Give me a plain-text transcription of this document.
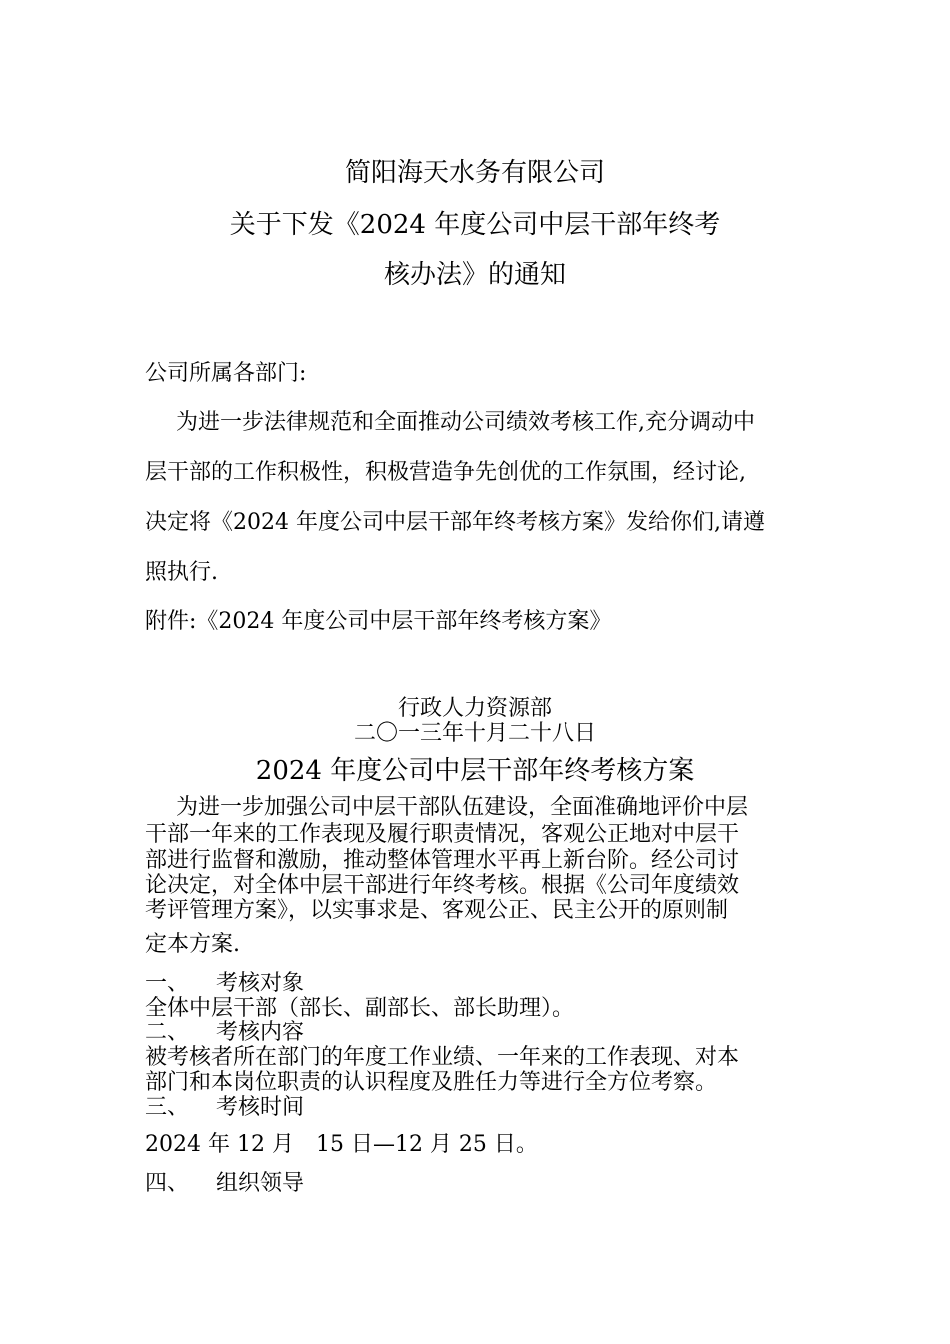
简阳海天水务有限公司
关于下发《2024 年度公司中层干部年终考
核办法》的通知
公司所属各部门:
为进一步法律规范和全面推动公司绩效考核工作,充分调动中
层干部的工作积极性，积极营造争先创优的工作氛围，经讨论,
决定将《2024 年度公司中层干部年终考核方案》发给你们,请遵
照执行.
附件:《2024 年度公司中层干部年终考核方案》
行政人力资源部
二〇一三年十月二十八日
2024 年度公司中层干部年终考核方案
为进一步加强公司中层干部队伍建设，全面准确地评价中层
干部一年来的工作表现及履行职责情况，客观公正地对中层干
部进行监督和激励，推动整体管理水平再上新台阶。经公司讨
论决定，对全体中层干部进行年终考核。根据《公司年度绩效
考评管理方案》，以实事求是、客观公正、民主公开的原则制
定本方案.
一、 考核对象
全体中层干部（部长、副部长、部长助理）。
二、 考核内容
被考核者所在部门的年度工作业绩、一年来的工作表现、对本
部门和本岗位职责的认识程度及胜任力等进行全方位考察。
三、 考核时间
2024 年 12 月　15 日—12 月 25 日。
四、 组织领导
